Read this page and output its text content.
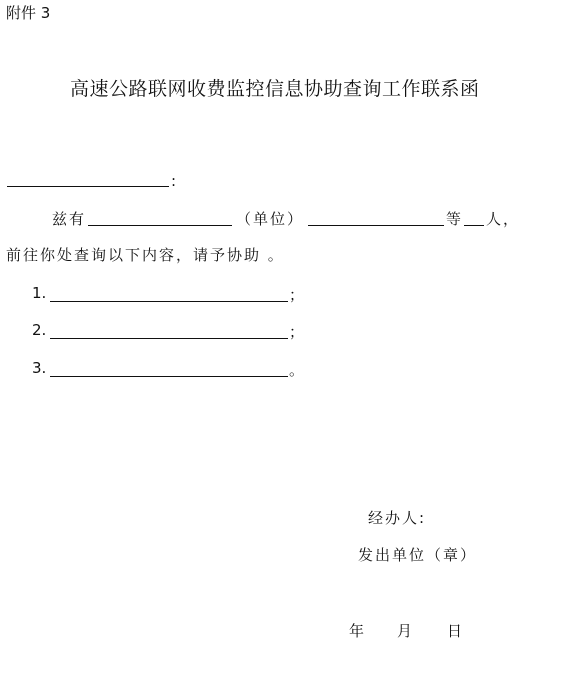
附件 3
高速公路联网收费监控信息协助查询工作联系函
:
兹有	（单位）	等 人，
前往你处查询以下内容，请予协助 。
1.	；
2.	；
3.	。
经办人:
发出单位（章）
年 月 日
